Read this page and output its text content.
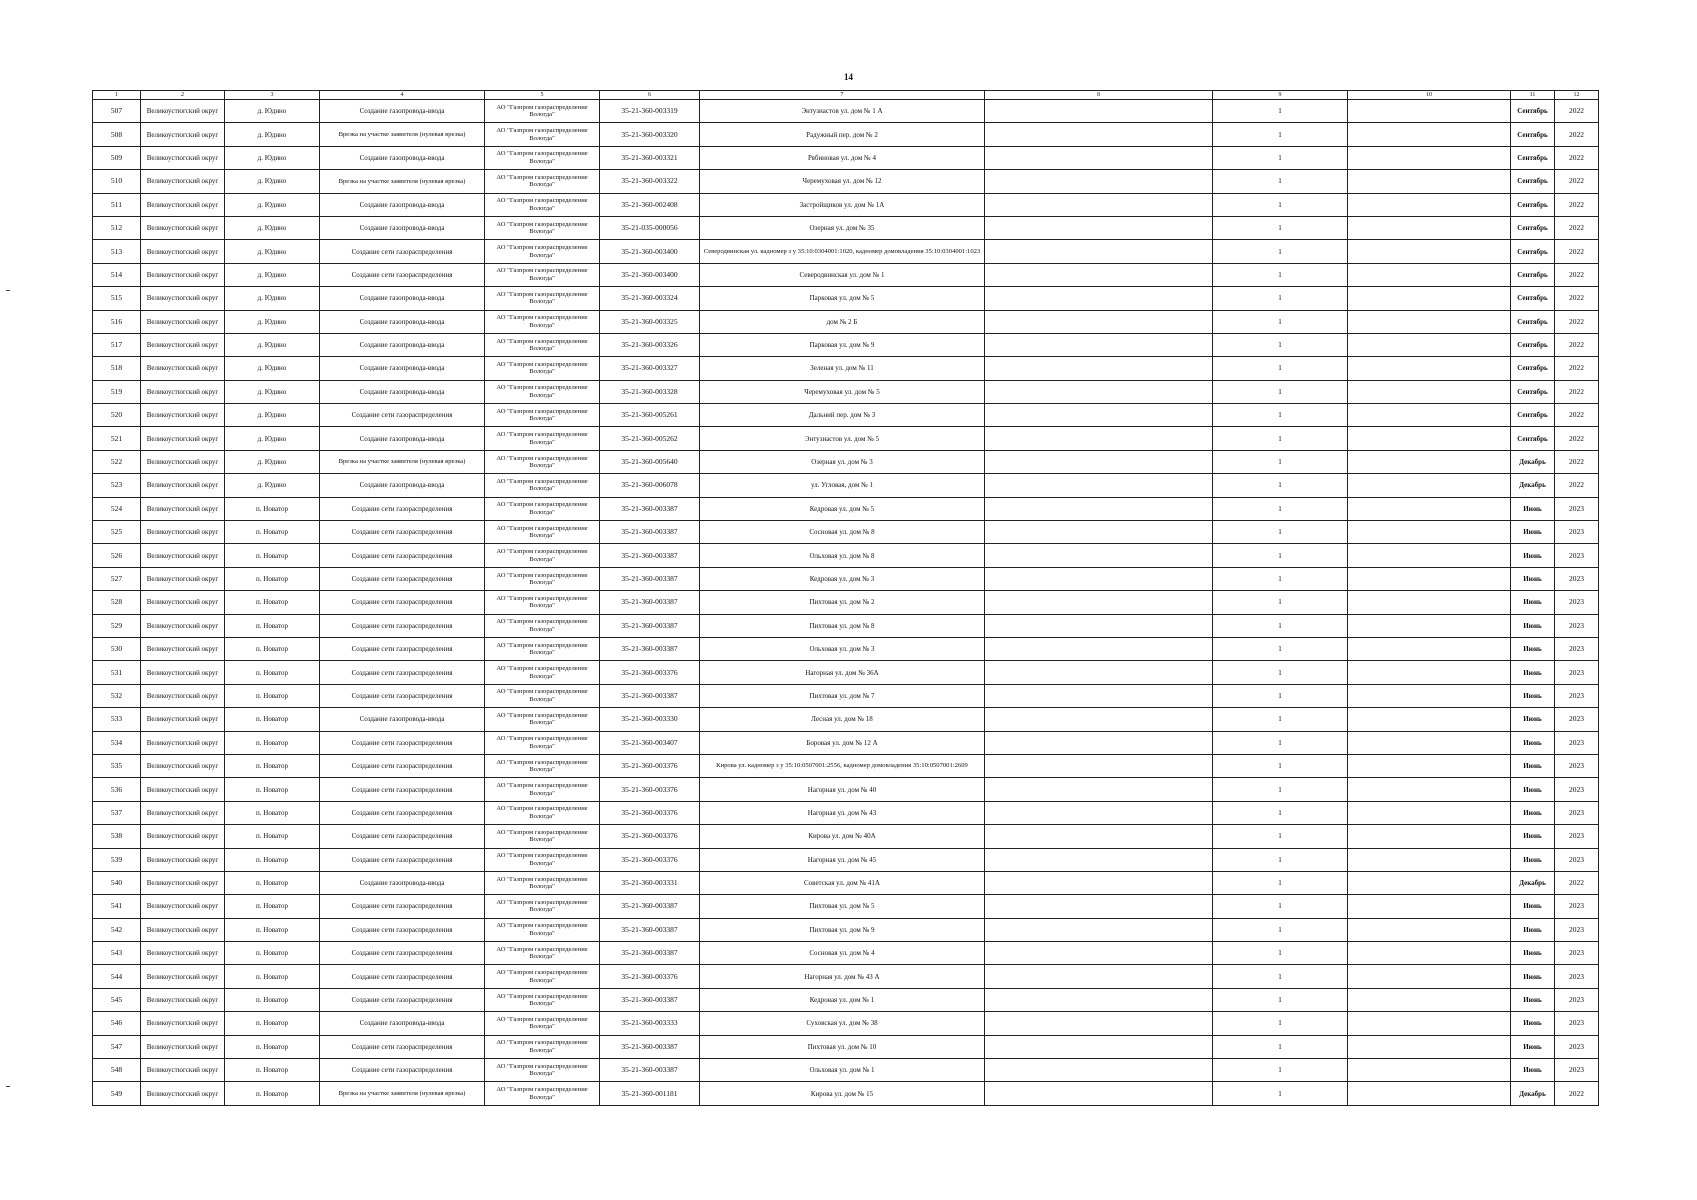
14
1	2	3	4	5	6	7	8	9	10	11	12
507	Великоустюгский округ	д. Юдино	Создание газопровода-ввода	АО "Газпром газораспределение Вологда"	35-21-360-003319	Энтузиастов ул. дом № 1 А		1		Сентябрь	2022
508	Великоустюгский округ	д. Юдино	Врезка на участке заявителя (нулевая врезка)	АО "Газпром газораспределение Вологда"	35-21-360-003320	Радужный пер. дом № 2		1		Сентябрь	2022
509	Великоустюгский округ	д. Юдино	Создание газопровода-ввода	АО "Газпром газораспределение Вологда"	35-21-360-003321	Рябиновая ул. дом № 4		1		Сентябрь	2022
510	Великоустюгский округ	д. Юдино	Врезка на участке заявителя (нулевая врезка)	АО "Газпром газораспределение Вологда"	35-21-360-003322	Черемуховая ул. дом № 12		1		Сентябрь	2022
511	Великоустюгский округ	д. Юдино	Создание газопровода-ввода	АО "Газпром газораспределение Вологда"	35-21-360-002408	Застройщиков ул. дом № 1А		1		Сентябрь	2022
512	Великоустюгский округ	д. Юдино	Создание газопровода-ввода	АО "Газпром газораспределение Вологда"	35-21-035-000056	Озерная ул. дом № 35		1		Сентябрь	2022
513	Великоустюгский округ	д. Юдино	Создание сети газораспределения	АО "Газпром газораспределение Вологда"	35-21-360-003400	Северодвинская ул. кадномер з у 35:10:0304001:1020, кадномер домовладения 35:10:0304001:1023		1		Сентябрь	2022
514	Великоустюгский округ	д. Юдино	Создание сети газораспределения	АО "Газпром газораспределение Вологда"	35-21-360-003400	Северодвинская ул. дом № 1		1		Сентябрь	2022
515	Великоустюгский округ	д. Юдино	Создание газопровода-ввода	АО "Газпром газораспределение Вологда"	35-21-360-003324	Парковая ул. дом № 5		1		Сентябрь	2022
516	Великоустюгский округ	д. Юдино	Создание газопровода-ввода	АО "Газпром газораспределение Вологда"	35-21-360-003325	дом № 2 Б		1		Сентябрь	2022
517	Великоустюгский округ	д. Юдино	Создание газопровода-ввода	АО "Газпром газораспределение Вологда"	35-21-360-003326	Парковая ул. дом № 9		1		Сентябрь	2022
518	Великоустюгский округ	д. Юдино	Создание газопровода-ввода	АО "Газпром газораспределение Вологда"	35-21-360-003327	Зеленая ул. дом № 11		1		Сентябрь	2022
519	Великоустюгский округ	д. Юдино	Создание газопровода-ввода	АО "Газпром газораспределение Вологда"	35-21-360-003328	Черемуховая ул. дом № 5		1		Сентябрь	2022
520	Великоустюгский округ	д. Юдино	Создание сети газораспределения	АО "Газпром газораспределение Вологда"	35-21-360-005261	Дальний пер. дом № 3		1		Сентябрь	2022
521	Великоустюгский округ	д. Юдино	Создание газопровода-ввода	АО "Газпром газораспределение Вологда"	35-21-360-005262	Энтузиастов ул. дом № 5		1		Сентябрь	2022
522	Великоустюгский округ	д. Юдино	Врезка на участке заявителя (нулевая врезка)	АО "Газпром газораспределение Вологда"	35-21-360-005640	Озерная ул. дом № 3		1		Декабрь	2022
523	Великоустюгский округ	д. Юдино	Создание газопровода-ввода	АО "Газпром газораспределение Вологда"	35-21-360-006078	ул. Угловая, дом № 1		1		Декабрь	2022
524	Великоустюгский округ	п. Новатор	Создание сети газораспределения	АО "Газпром газораспределение Вологда"	35-21-360-003387	Кедровая ул. дом № 5		1		Июнь	2023
525	Великоустюгский округ	п. Новатор	Создание сети газораспределения	АО "Газпром газораспределение Вологда"	35-21-360-003387	Сосновая ул. дом № 8		1		Июнь	2023
526	Великоустюгский округ	п. Новатор	Создание сети газораспределения	АО "Газпром газораспределение Вологда"	35-21-360-003387	Ольховая ул. дом № 8		1		Июнь	2023
527	Великоустюгский округ	п. Новатор	Создание сети газораспределения	АО "Газпром газораспределение Вологда"	35-21-360-003387	Кедровая ул. дом № 3		1		Июнь	2023
528	Великоустюгский округ	п. Новатор	Создание сети газораспределения	АО "Газпром газораспределение Вологда"	35-21-360-003387	Пихтовая ул. дом № 2		1		Июнь	2023
529	Великоустюгский округ	п. Новатор	Создание сети газораспределения	АО "Газпром газораспределение Вологда"	35-21-360-003387	Пихтовая ул. дом № 8		1		Июнь	2023
530	Великоустюгский округ	п. Новатор	Создание сети газораспределения	АО "Газпром газораспределение Вологда"	35-21-360-003387	Ольховая ул. дом № 3		1		Июнь	2023
531	Великоустюгский округ	п. Новатор	Создание сети газораспределения	АО "Газпром газораспределение Вологда"	35-21-360-003376	Нагорная ул. дом № 36А		1		Июнь	2023
532	Великоустюгский округ	п. Новатор	Создание сети газораспределения	АО "Газпром газораспределение Вологда"	35-21-360-003387	Пихтовая ул. дом № 7		1		Июнь	2023
533	Великоустюгский округ	п. Новатор	Создание газопровода-ввода	АО "Газпром газораспределение Вологда"	35-21-360-003330	Лесная ул. дом № 18		1		Июнь	2023
534	Великоустюгский округ	п. Новатор	Создание сети газораспределения	АО "Газпром газораспределение Вологда"	35-21-360-003407	Боровая ул. дом № 12 А		1		Июнь	2023
535	Великоустюгский округ	п. Новатор	Создание сети газораспределения	АО "Газпром газораспределение Вологда"	35-21-360-003376	Кирова ул. кадномер з у 35:10:0507001:2556, кадномер домовладения 35:10:0507001:2609		1		Июнь	2023
536	Великоустюгский округ	п. Новатор	Создание сети газораспределения	АО "Газпром газораспределение Вологда"	35-21-360-003376	Нагорная ул. дом № 40		1		Июнь	2023
537	Великоустюгский округ	п. Новатор	Создание сети газораспределения	АО "Газпром газораспределение Вологда"	35-21-360-003376	Нагорная ул. дом № 43		1		Июнь	2023
538	Великоустюгский округ	п. Новатор	Создание сети газораспределения	АО "Газпром газораспределение Вологда"	35-21-360-003376	Кирова ул. дом № 40А		1		Июнь	2023
539	Великоустюгский округ	п. Новатор	Создание сети газораспределения	АО "Газпром газораспределение Вологда"	35-21-360-003376	Нагорная ул. дом № 45		1		Июнь	2023
540	Великоустюгский округ	п. Новатор	Создание газопровода-ввода	АО "Газпром газораспределение Вологда"	35-21-360-003331	Советская ул. дом № 41А		1		Декабрь	2022
541	Великоустюгский округ	п. Новатор	Создание сети газораспределения	АО "Газпром газораспределение Вологда"	35-21-360-003387	Пихтовая ул. дом № 5		1		Июнь	2023
542	Великоустюгский округ	п. Новатор	Создание сети газораспределения	АО "Газпром газораспределение Вологда"	35-21-360-003387	Пихтовая ул. дом № 9		1		Июнь	2023
543	Великоустюгский округ	п. Новатор	Создание сети газораспределения	АО "Газпром газораспределение Вологда"	35-21-360-003387	Сосновая ул. дом № 4		1		Июнь	2023
544	Великоустюгский округ	п. Новатор	Создание сети газораспределения	АО "Газпром газораспределение Вологда"	35-21-360-003376	Нагорная ул. дом № 43 А		1		Июнь	2023
545	Великоустюгский округ	п. Новатор	Создание сети газораспределения	АО "Газпром газораспределение Вологда"	35-21-360-003387	Кедровая ул. дом № 1		1		Июнь	2023
546	Великоустюгский округ	п. Новатор	Создание газопровода-ввода	АО "Газпром газораспределение Вологда"	35-21-360-003333	Суховская ул. дом № 38		1		Июнь	2023
547	Великоустюгский округ	п. Новатор	Создание сети газораспределения	АО "Газпром газораспределение Вологда"	35-21-360-003387	Пихтовая ул. дом № 10		1		Июнь	2023
548	Великоустюгский округ	п. Новатор	Создание сети газораспределения	АО "Газпром газораспределение Вологда"	35-21-360-003387	Ольховая ул. дом № 1		1		Июнь	2023
549	Великоустюгский округ	п. Новатор	Врезка на участке заявителя (нулевая врезка)	АО "Газпром газораспределение Вологда"	35-21-360-001181	Кирова ул. дом № 15		1		Декабрь	2022
